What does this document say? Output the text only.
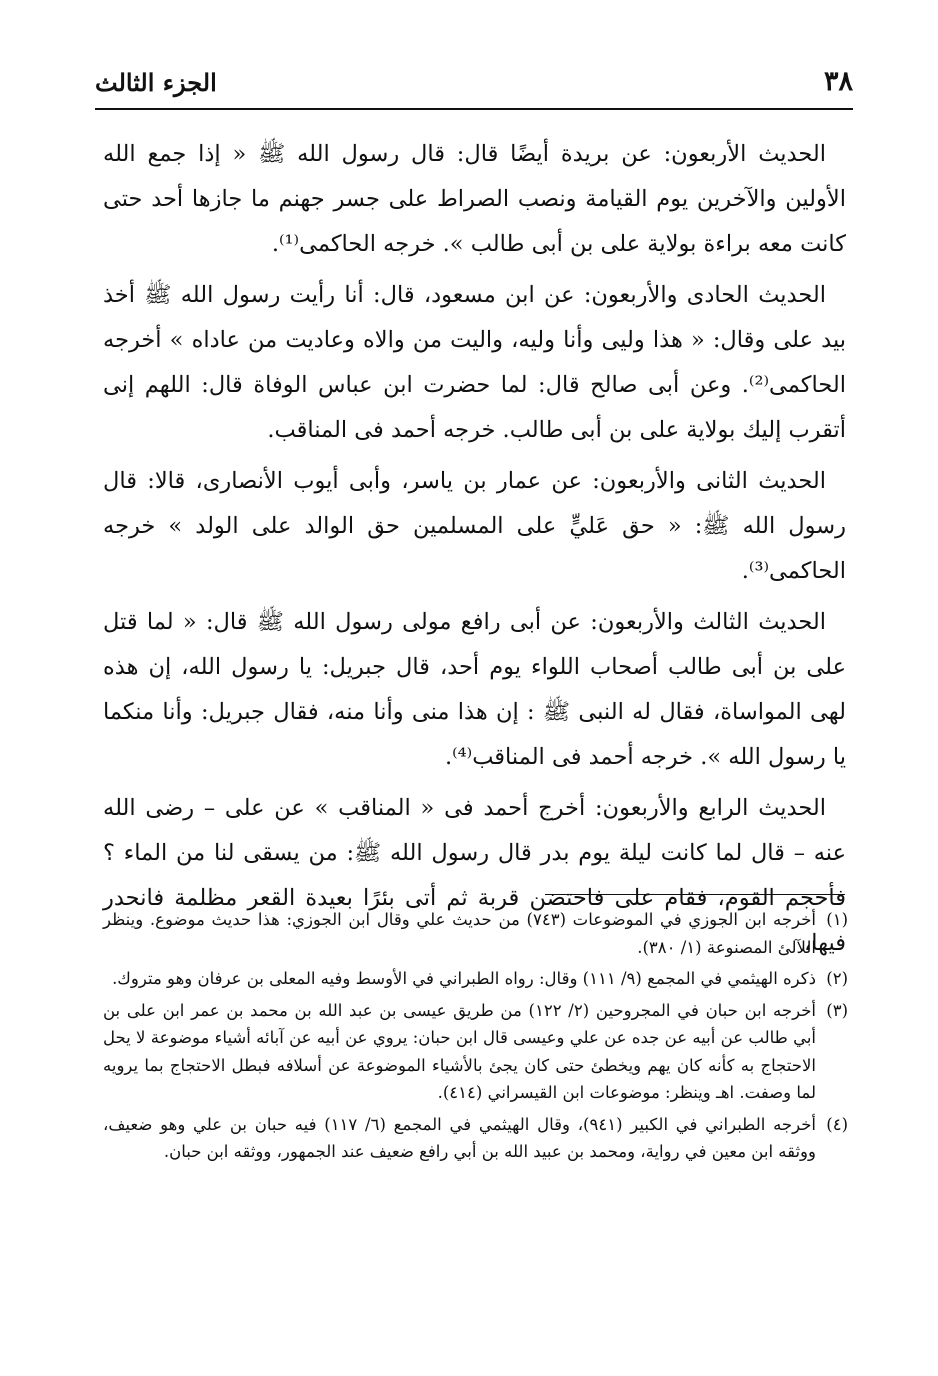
٣٨
الجزء الثالث

الحديث الأربعون: عن بريدة أيضًا قال: قال رسول الله ﷺ « إذا جمع الله الأولين والآخرين يوم القيامة ونصب الصراط على جسر جهنم ما جازها أحد حتى كانت معه براءة بولاية على بن أبى طالب ». خرجه الحاكمى⁽¹⁾.

الحديث الحادى والأربعون: عن ابن مسعود، قال: أنا رأيت رسول الله ﷺ أخذ بيد على وقال: « هذا وليى وأنا وليه، واليت من والاه وعاديت من عاداه » أخرجه الحاكمى⁽²⁾. وعن أبى صالح قال: لما حضرت ابن عباس الوفاة قال: اللهم إنى أتقرب إليك بولاية على بن أبى طالب. خرجه أحمد فى المناقب.

الحديث الثانى والأربعون: عن عمار بن ياسر، وأبى أيوب الأنصارى، قالا: قال رسول الله ﷺ: « حق عَليٍّ على المسلمين حق الوالد على الولد » خرجه الحاكمى⁽³⁾.

الحديث الثالث والأربعون: عن أبى رافع مولى رسول الله ﷺ قال: « لما قتل على بن أبى طالب أصحاب اللواء يوم أحد، قال جبريل: يا رسول الله، إن هذه لهى المواساة، فقال له النبى ﷺ : إن هذا منى وأنا منه، فقال جبريل: وأنا منكما يا رسول الله ». خرجه أحمد فى المناقب⁽⁴⁾.

الحديث الرابع والأربعون: أخرج أحمد فى « المناقب » عن على – رضى الله عنه – قال لما كانت ليلة يوم بدر قال رسول الله ﷺ: من يسقى لنا من الماء ؟ فأحجم القوم، فقام على فاحتضن قربة ثم أتى بئرًا بعيدة القعر مظلمة فانحدر فيها،

(١)
أخرجه ابن الجوزي في الموضوعات (٧٤٣) من حديث علي وقال ابن الجوزي: هذا حديث موضوع. وينظر اللآلئ المصنوعة (١/ ٣٨٠).
(٢)
ذكره الهيثمي في المجمع (٩/ ١١١) وقال: رواه الطبراني في الأوسط وفيه المعلى بن عرفان وهو متروك.
(٣)
أخرجه ابن حبان في المجروحين (٢/ ١٢٢) من طريق عيسى بن عبد الله بن محمد بن عمر ابن على بن أبي طالب عن أبيه عن جده عن علي وعيسى قال ابن حبان: يروي عن أبيه عن آبائه أشياء موضوعة لا يحل الاحتجاج به كأنه كان يهم ويخطئ حتى كان يجئ بالأشياء الموضوعة عن أسلافه فبطل الاحتجاج بما يرويه لما وصفت. اهـ وينظر: موضوعات ابن القيسراني (٤١٤).
(٤)
أخرجه الطبراني في الكبير (٩٤١)، وقال الهيثمي في المجمع (٦/ ١١٧) فيه حبان بن علي وهو ضعيف، ووثقه ابن معين في رواية، ومحمد بن عبيد الله بن أبي رافع ضعيف عند الجمهور، ووثقه ابن حبان.
